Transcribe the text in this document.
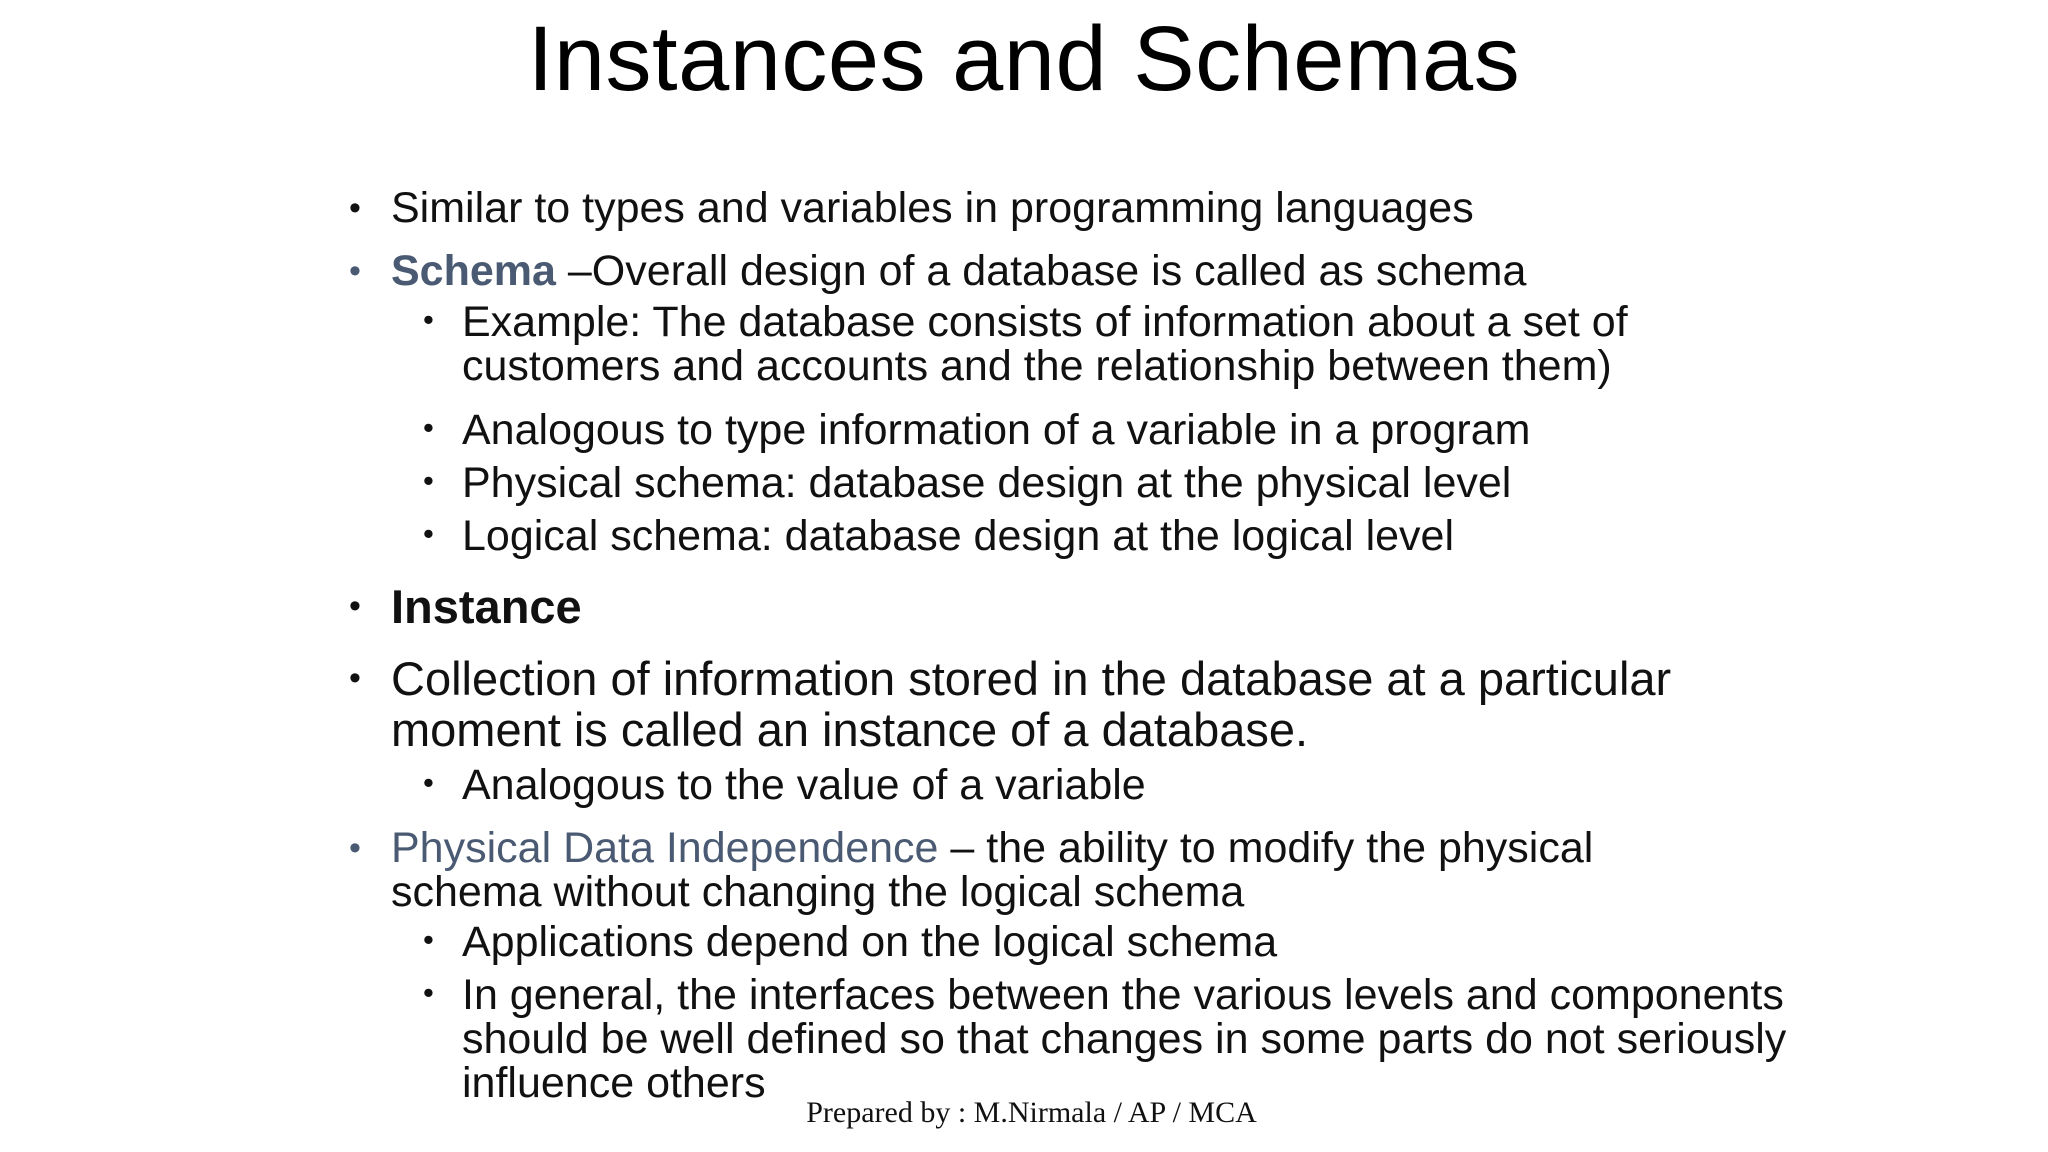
Instances and Schemas
• Similar to types and variables in programming languages
• Schema –Overall design of a database is called as schema
• Example: The database consists of information about a set of customers and accounts and the relationship between them)
• Analogous to type information of a variable in a program
• Physical schema: database design at the physical level
• Logical schema: database design at the logical level
• Instance
• Collection of information stored in the database at a particular moment is called an instance of a database.
• Analogous to the value of a variable
• Physical Data Independence – the ability to modify the physical schema without changing the logical schema
• Applications depend on the logical schema
• In general, the interfaces between the various levels and components should be well defined so that changes in some parts do not seriously influence others
Prepared by : M.Nirmala / AP / MCA
